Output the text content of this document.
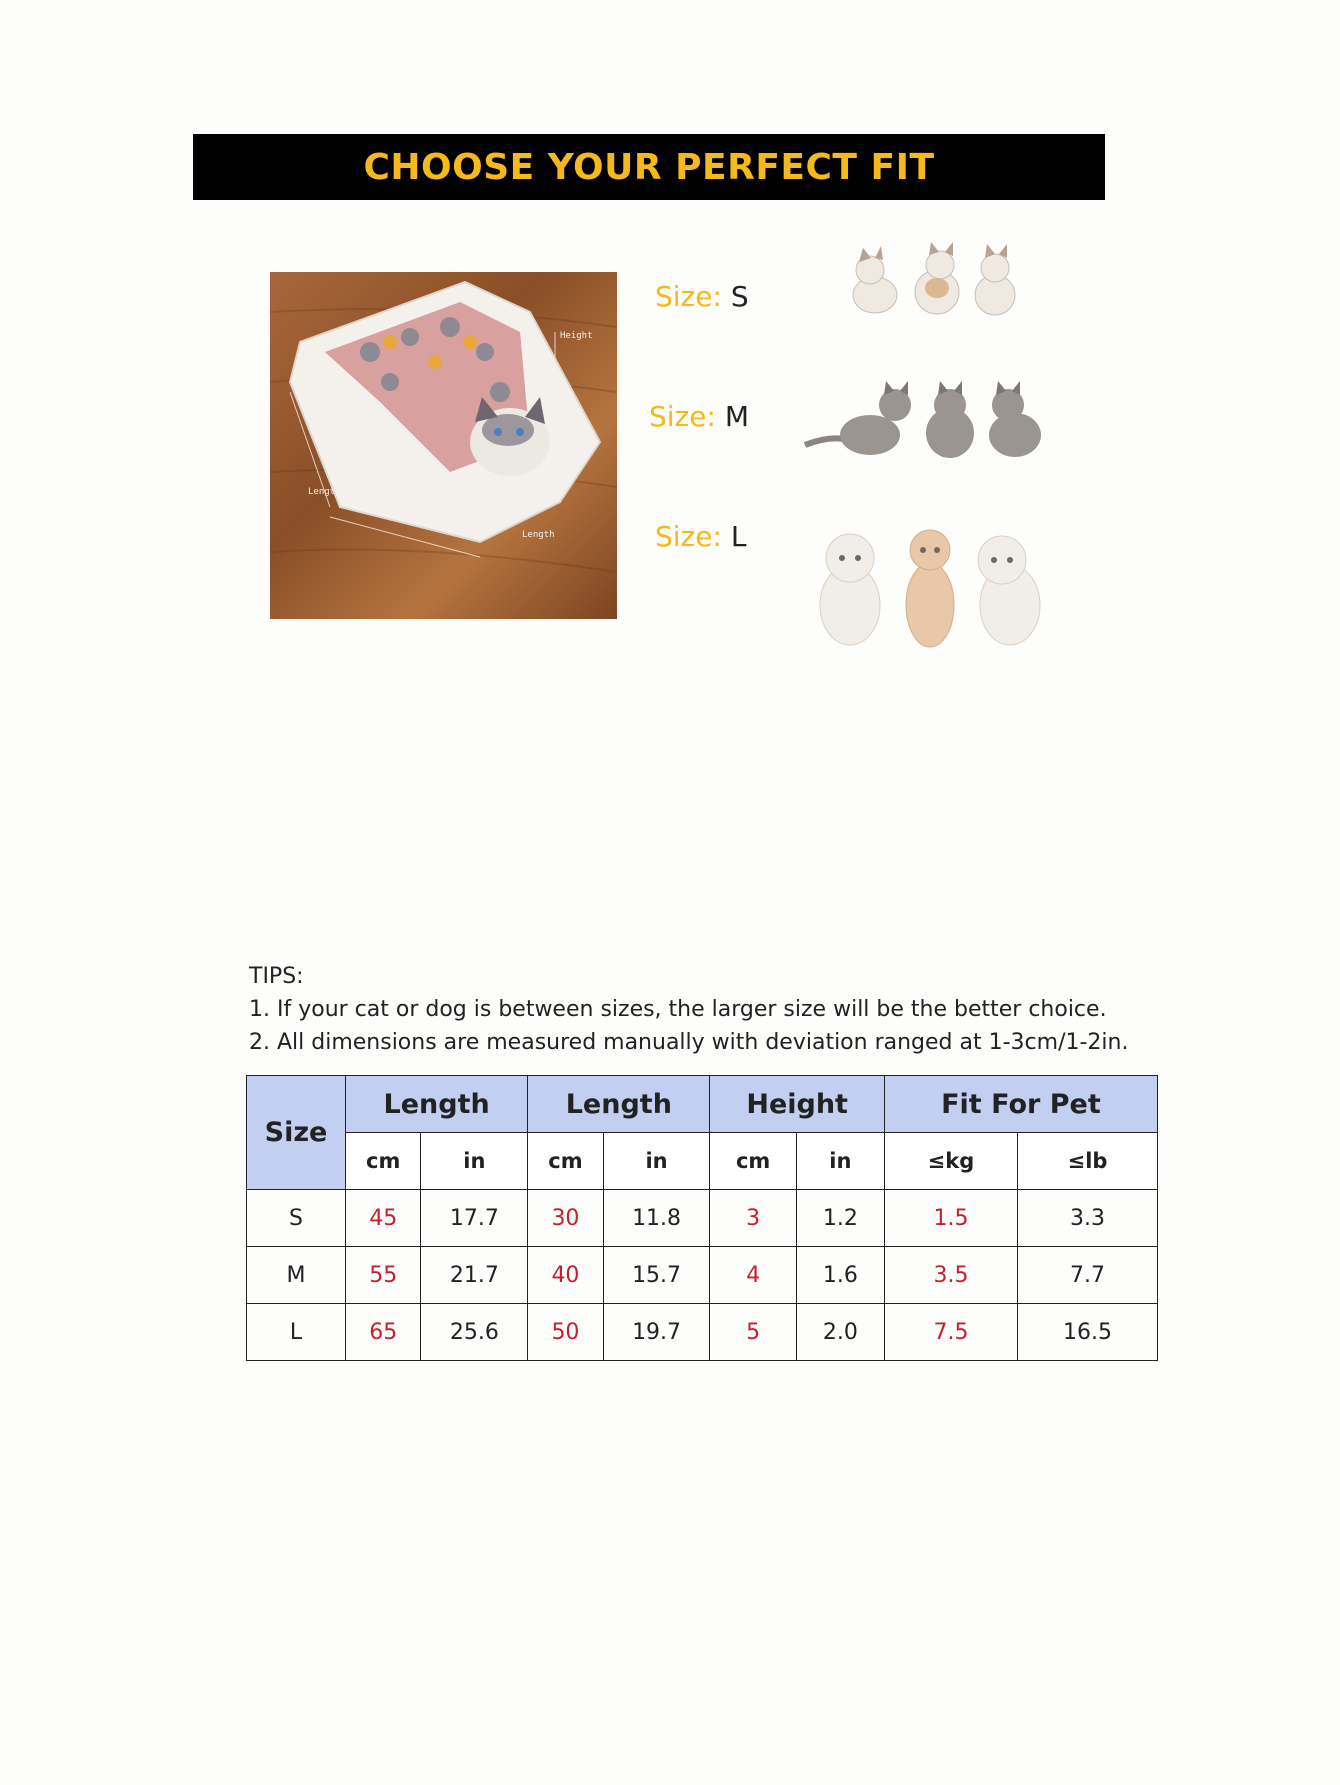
CHOOSE YOUR PERFECT FIT
Height
Length
Length
Size: S
Size: M
Size: L
TIPS:
1. If your cat or dog is between sizes, the larger size will be the better choice.
2. All dimensions are measured manually with deviation ranged at 1-3cm/1-2in.
Size	Length		Length		Height		Fit For Pet	
	cm	in	cm	in	cm	in	≤kg	≤lb
S	45	17.7	30	11.8	3	1.2	1.5	3.3
M	55	21.7	40	15.7	4	1.6	3.5	7.7
L	65	25.6	50	19.7	5	2.0	7.5	16.5
